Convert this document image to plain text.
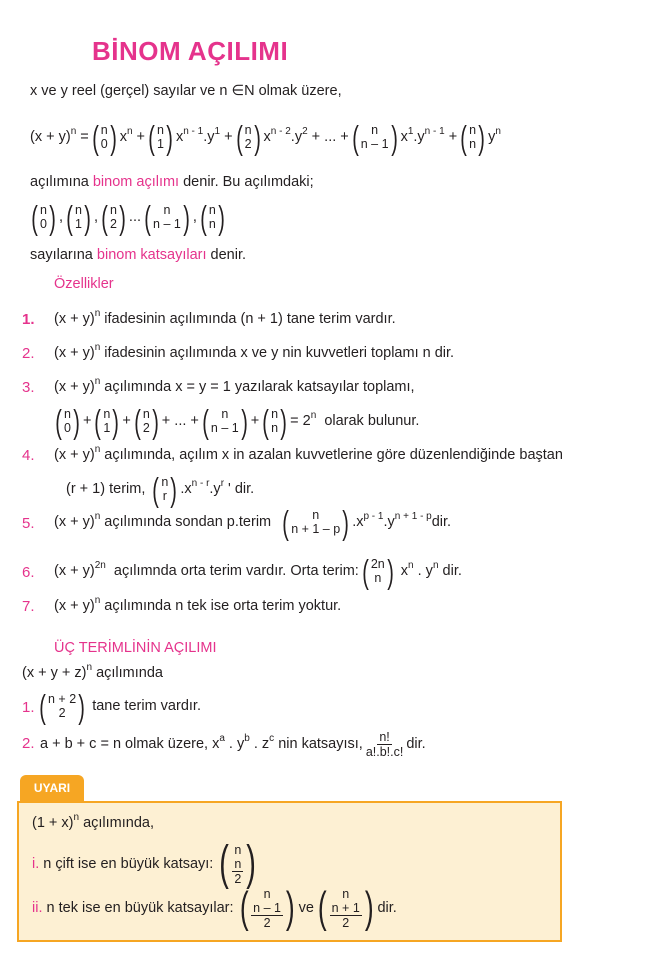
BİNOM AÇILIMI
x ve y reel (gerçel) sayılar ve n ∈N olmak üzere,
$(x + y)^n$ = ( n
0 ) $x^n$ + ( n
1 ) $x^{n - 1}.y^1$ + ( n
2 ) $x^{n - 2}.y^2$ + ... + ( n
n – 1 ) $x^1.y^{n - 1}$ + ( n
n ) $y^n$
açılımına binom açılımı denir. Bu açılımdaki;
( n
0 ) , ( n
1 ) , ( n
2 ) ... ( n
n – 1 ) , ( n
n )
sayılarına binom katsayıları denir.
Özellikler
1. $(x + y)^n$ ifadesinin açılımında (n + 1) tane terim vardır.
2. $(x + y)^n$ ifadesinin açılımında x ve y nin kuvvetleri toplamı n dir.
3. $(x + y)^n$ açılımında x = y = 1 yazılarak katsayılar toplamı,
( n
0 ) + ( n
1 ) + ( n
2 ) + ... + ( n
n – 1 ) + ( n
n ) = $2^n$ olarak bulunur.
4. $(x + y)^n$ açılımında, açılım x in azalan kuvvetlerine göre düzenlendiğinde baştan
(r + 1) terim,
( n
r ) $.x^{n - r}.y^r$ ' dir.
5. $(x + y)^n$ açılımında sondan p.terim
( n
n + 1 – p ) $.x^{p - 1}.y^{n + 1 - p}dir$.
6. $(x + y)^{2n}$ açılımnda orta terim vardır. Orta terim: ( 2n
n ) $x^n$ . $y^n$ dir.
7. $(x + y)^n$ açılımında n tek ise orta terim yoktur.
ÜÇ TERİMLİNİN AÇILIMI
$(x + y + z)^n$ açılımında
1. ( n + 2
2 ) tane terim vardır.
2. a + b + c = n olmak üzere,
$x^a$ . $y^b$ . $z^c$ nin katsayısı, $\frac{n!}{a!.b!.c!}$ dir.
UYARI
$(1 + x)^n$ açılımında,
i.
n çift ise en büyük katsayı: ( n
$\frac{n}{2}$ )
ii.
n tek ise en büyük katsayılar: ( n
$\frac{n - 1}{2}$ ) ve ( n
$\frac{n + 1}{2}$ ) dir.
